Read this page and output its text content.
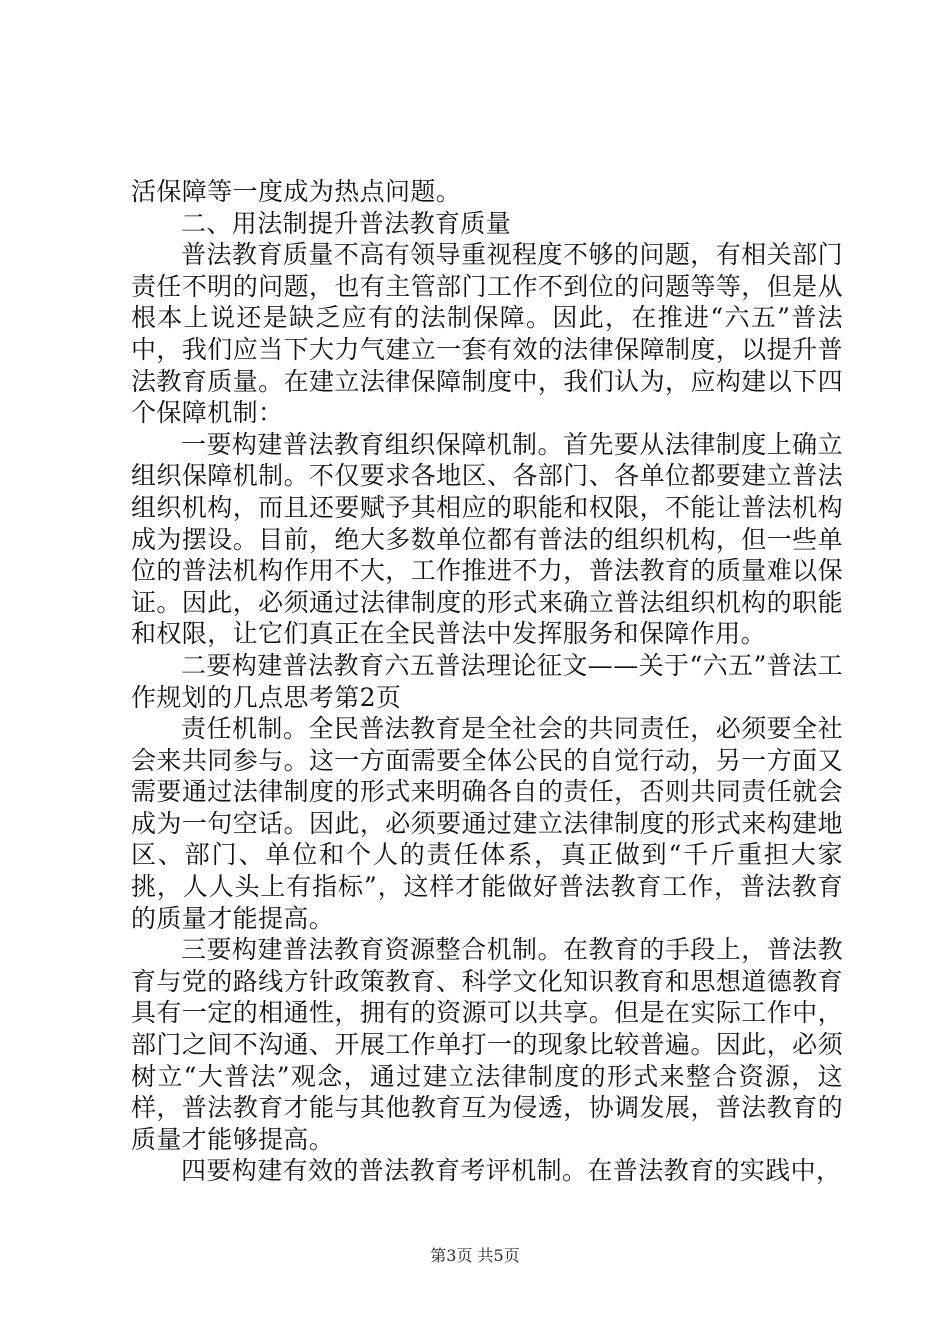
活保障等一度成为热点问题。

二、用法制提升普法教育质量

普法教育质量不高有领导重视程度不够的问题，有相关部门责任不明的问题，也有主管部门工作不到位的问题等等，但是从根本上说还是缺乏应有的法制保障。因此，在推进“六五”普法中，我们应当下大力气建立一套有效的法律保障制度，以提升普法教育质量。在建立法律保障制度中，我们认为，应构建以下四个保障机制：

一要构建普法教育组织保障机制。首先要从法律制度上确立组织保障机制。不仅要求各地区、各部门、各单位都要建立普法组织机构，而且还要赋予其相应的职能和权限，不能让普法机构成为摆设。目前，绝大多数单位都有普法的组织机构，但一些单位的普法机构作用不大，工作推进不力，普法教育的质量难以保证。因此，必须通过法律制度的形式来确立普法组织机构的职能和权限，让它们真正在全民普法中发挥服务和保障作用。

二要构建普法教育六五普法理论征文——关于“六五”普法工作规划的几点思考第2页

责任机制。全民普法教育是全社会的共同责任，必须要全社会来共同参与。这一方面需要全体公民的自觉行动，另一方面又需要通过法律制度的形式来明确各自的责任，否则共同责任就会成为一句空话。因此，必须要通过建立法律制度的形式来构建地区、部门、单位和个人的责任体系，真正做到“千斤重担大家挑，人人头上有指标”，这样才能做好普法教育工作，普法教育的质量才能提高。

三要构建普法教育资源整合机制。在教育的手段上，普法教育与党的路线方针政策教育、科学文化知识教育和思想道德教育具有一定的相通性，拥有的资源可以共享。但是在实际工作中，部门之间不沟通、开展工作单打一的现象比较普遍。因此，必须树立“大普法”观念，通过建立法律制度的形式来整合资源，这样，普法教育才能与其他教育互为侵透，协调发展，普法教育的质量才能够提高。

四要构建有效的普法教育考评机制。在普法教育的实践中，

第3页 共5页
